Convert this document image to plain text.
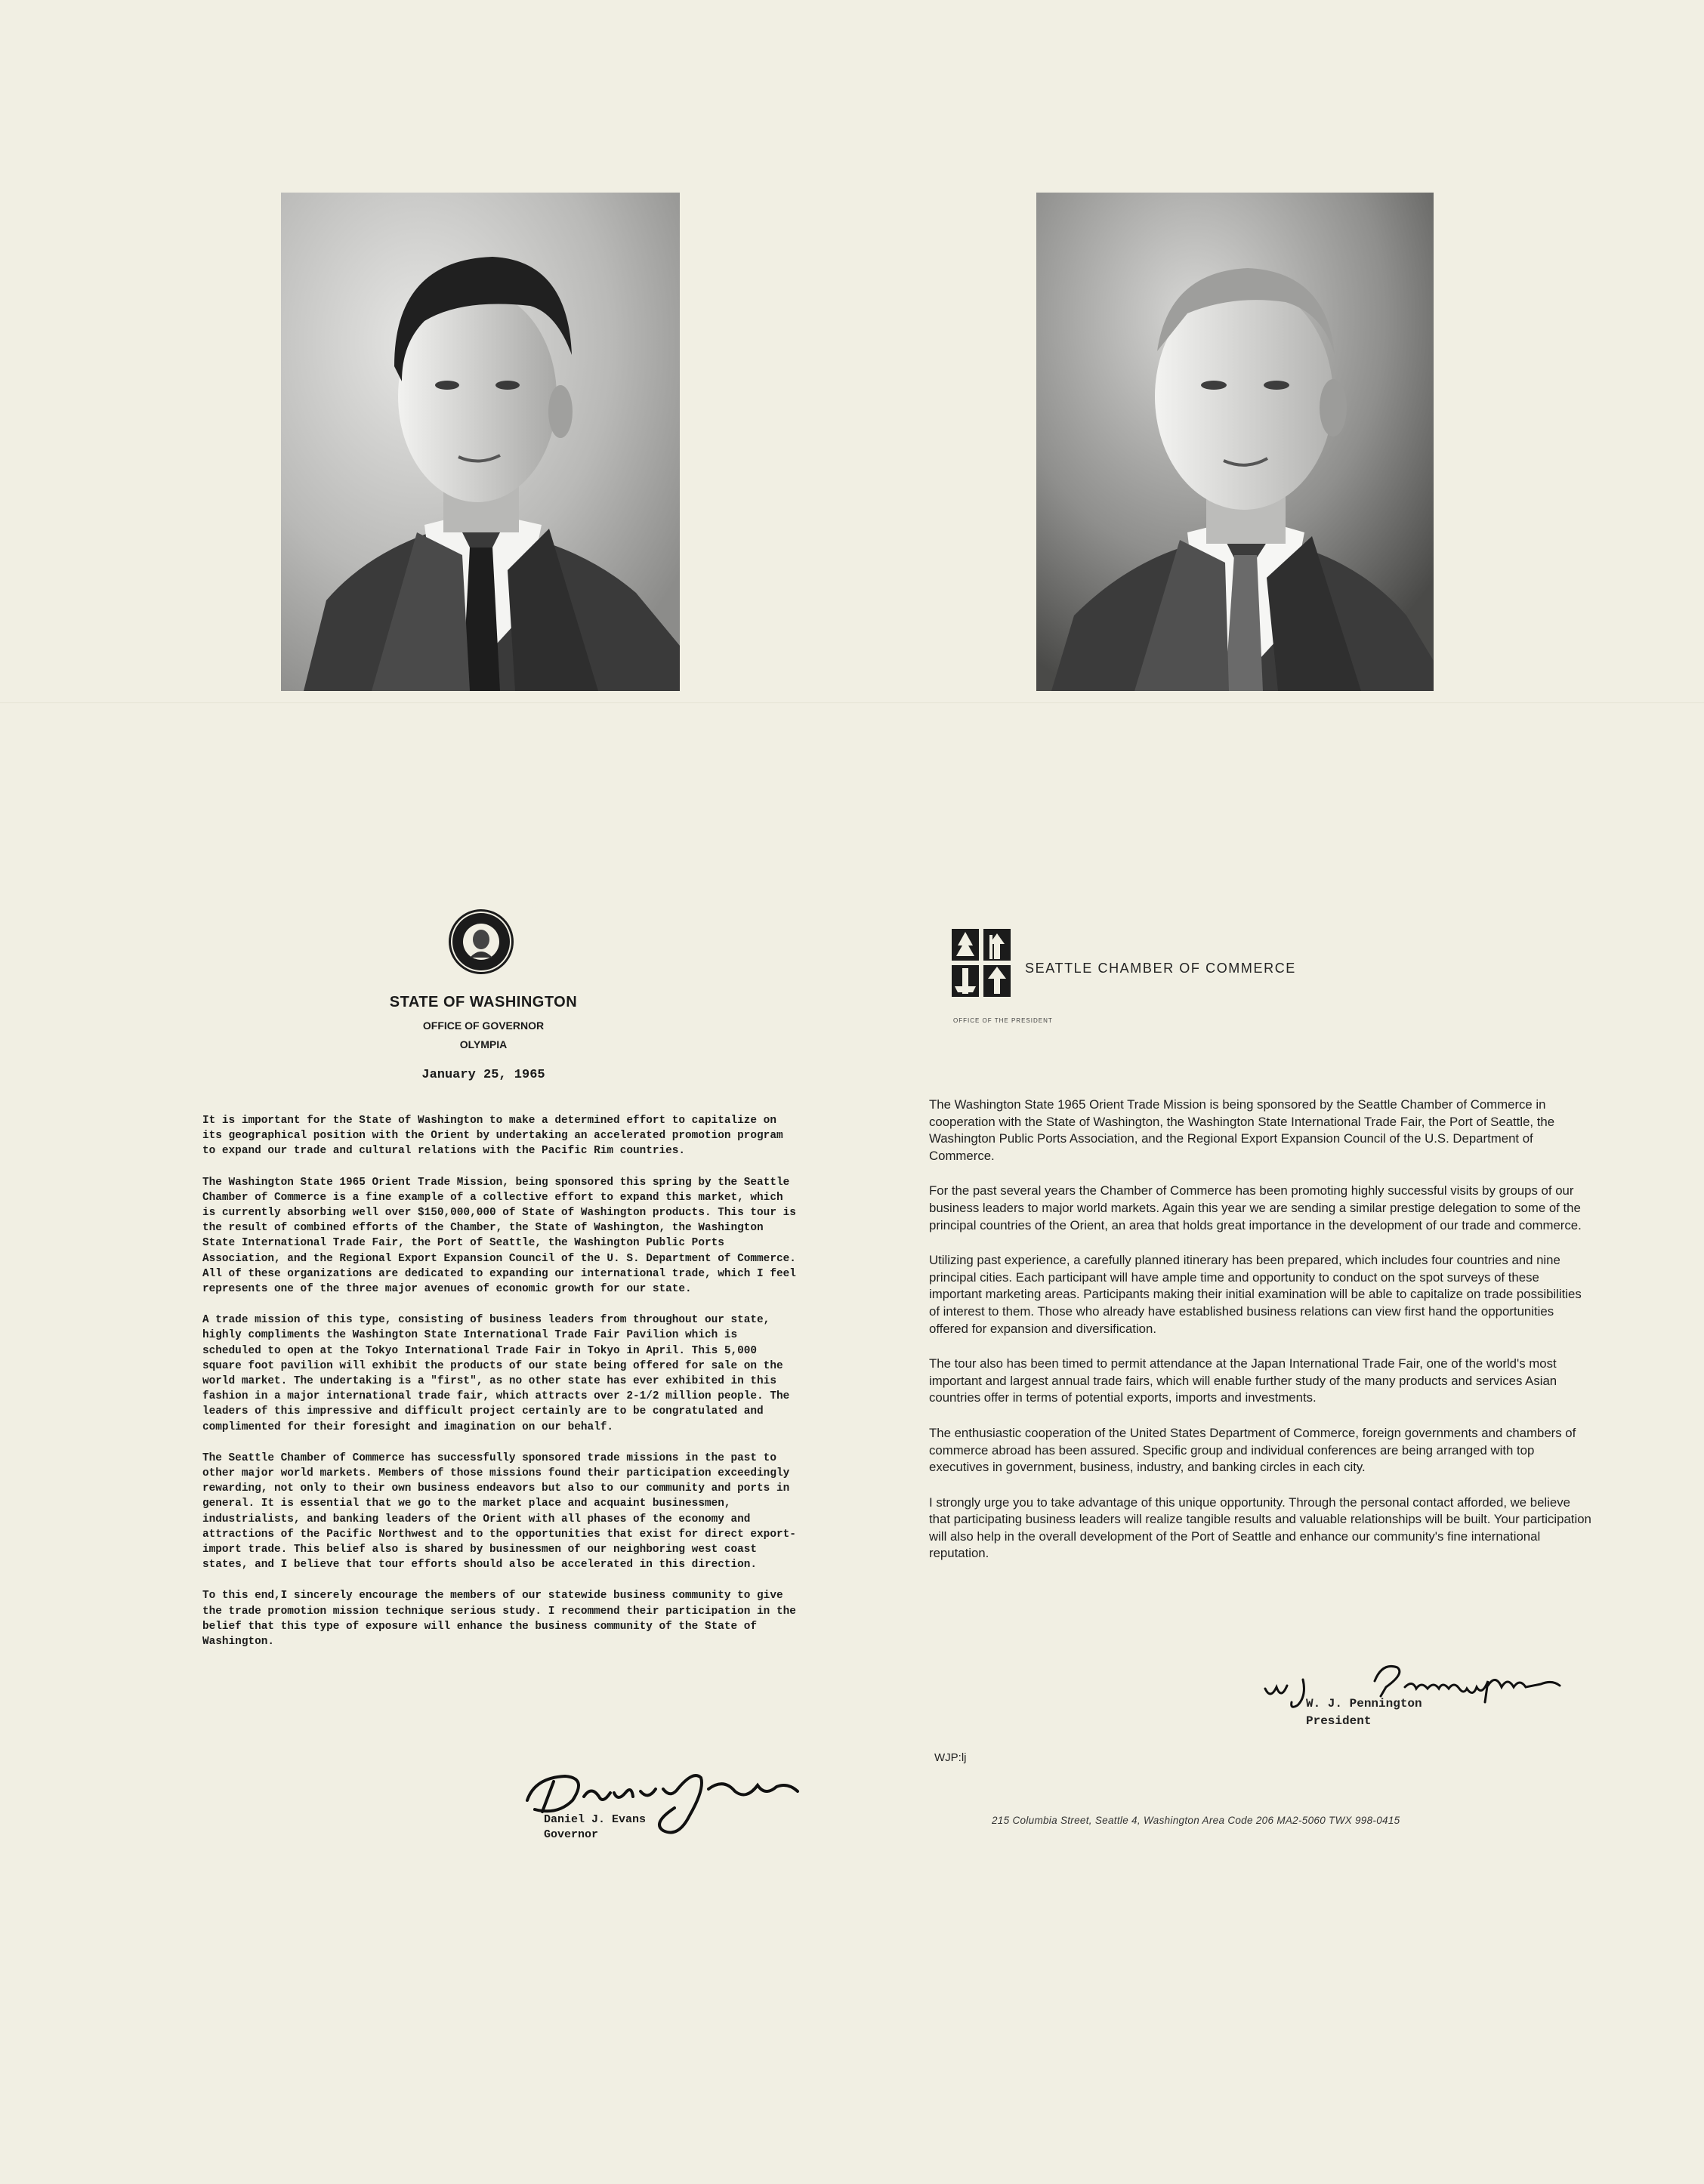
SEAL OF THE STATE OF WASHINGTON 1889
STATE OF WASHINGTON
OFFICE OF GOVERNOR
OLYMPIA
January 25, 1965

It is important for the State of Washington to make a determined effort to capitalize on its geographical position with the Orient by undertaking an accelerated promotion program to expand our trade and cultural relations with the Pacific Rim countries.

The Washington State 1965 Orient Trade Mission, being sponsored this spring by the Seattle Chamber of Commerce is a fine example of a collective effort to expand this market, which is currently absorbing well over $150,000,000 of State of Washington products. This tour is the result of combined efforts of the Chamber, the State of Washington, the Washington State International Trade Fair, the Port of Seattle, the Washington Public Ports Association, and the Regional Export Expansion Council of the U. S. Department of Commerce. All of these organizations are dedicated to expanding our international trade, which I feel represents one of the three major avenues of economic growth for our state.

A trade mission of this type, consisting of business leaders from throughout our state, highly compliments the Washington State International Trade Fair Pavilion which is scheduled to open at the Tokyo International Trade Fair in Tokyo in April. This 5,000 square foot pavilion will exhibit the products of our state being offered for sale on the world market. The undertaking is a "first", as no other state has ever exhibited in this fashion in a major international trade fair, which attracts over 2-1/2 million people. The leaders of this impressive and difficult project certainly are to be congratulated and complimented for their foresight and imagination on our behalf.

The Seattle Chamber of Commerce has successfully sponsored trade missions in the past to other major world markets. Members of those missions found their participation exceedingly rewarding, not only to their own business endeavors but also to our community and ports in general. It is essential that we go to the market place and acquaint businessmen, industrialists, and banking leaders of the Orient with all phases of the economy and attractions of the Pacific Northwest and to the opportunities that exist for direct export-import trade. This belief also is shared by businessmen of our neighboring west coast states, and I believe that tour efforts should also be accelerated in this direction.

To this end,I sincerely encourage the members of our statewide business community to give the trade promotion mission technique serious study. I recommend their participation in the belief that this type of exposure will enhance the business community of the State of Washington.

Daniel J. Evans
Governor
SEATTLE CHAMBER OF COMMERCE
OFFICE OF THE PRESIDENT

The Washington State 1965 Orient Trade Mission is being sponsored by the Seattle Chamber of Commerce in cooperation with the State of Washington, the Washington State International Trade Fair, the Port of Seattle, the Washington Public Ports Association, and the Regional Export Expansion Council of the U.S. Department of Commerce.

For the past several years the Chamber of Commerce has been promoting highly successful visits by groups of our business leaders to major world markets. Again this year we are sending a similar prestige delegation to some of the principal countries of the Orient, an area that holds great importance in the development of our trade and commerce.

Utilizing past experience, a carefully planned itinerary has been prepared, which includes four countries and nine principal cities. Each participant will have ample time and opportunity to conduct on the spot surveys of these important marketing areas. Participants making their initial examination will be able to capitalize on trade possibilities of interest to them. Those who already have established business relations can view first hand the opportunities offered for expansion and diversification.

The tour also has been timed to permit attendance at the Japan International Trade Fair, one of the world's most important and largest annual trade fairs, which will enable further study of the many products and services Asian countries offer in terms of potential exports, imports and investments.

The enthusiastic cooperation of the United States Department of Commerce, foreign governments and chambers of commerce abroad has been assured. Specific group and individual conferences are being arranged with top executives in government, business, industry, and banking circles in each city.

I strongly urge you to take advantage of this unique opportunity. Through the personal contact afforded, we believe that participating business leaders will realize tangible results and valuable relationships will be built. Your participation will also help in the overall development of the Port of Seattle and enhance our community's fine international reputation.

W. J. Pennington
President
WJP:lj
215 Columbia Street, Seattle 4, Washington Area Code 206 MA2-5060 TWX 998-0415
